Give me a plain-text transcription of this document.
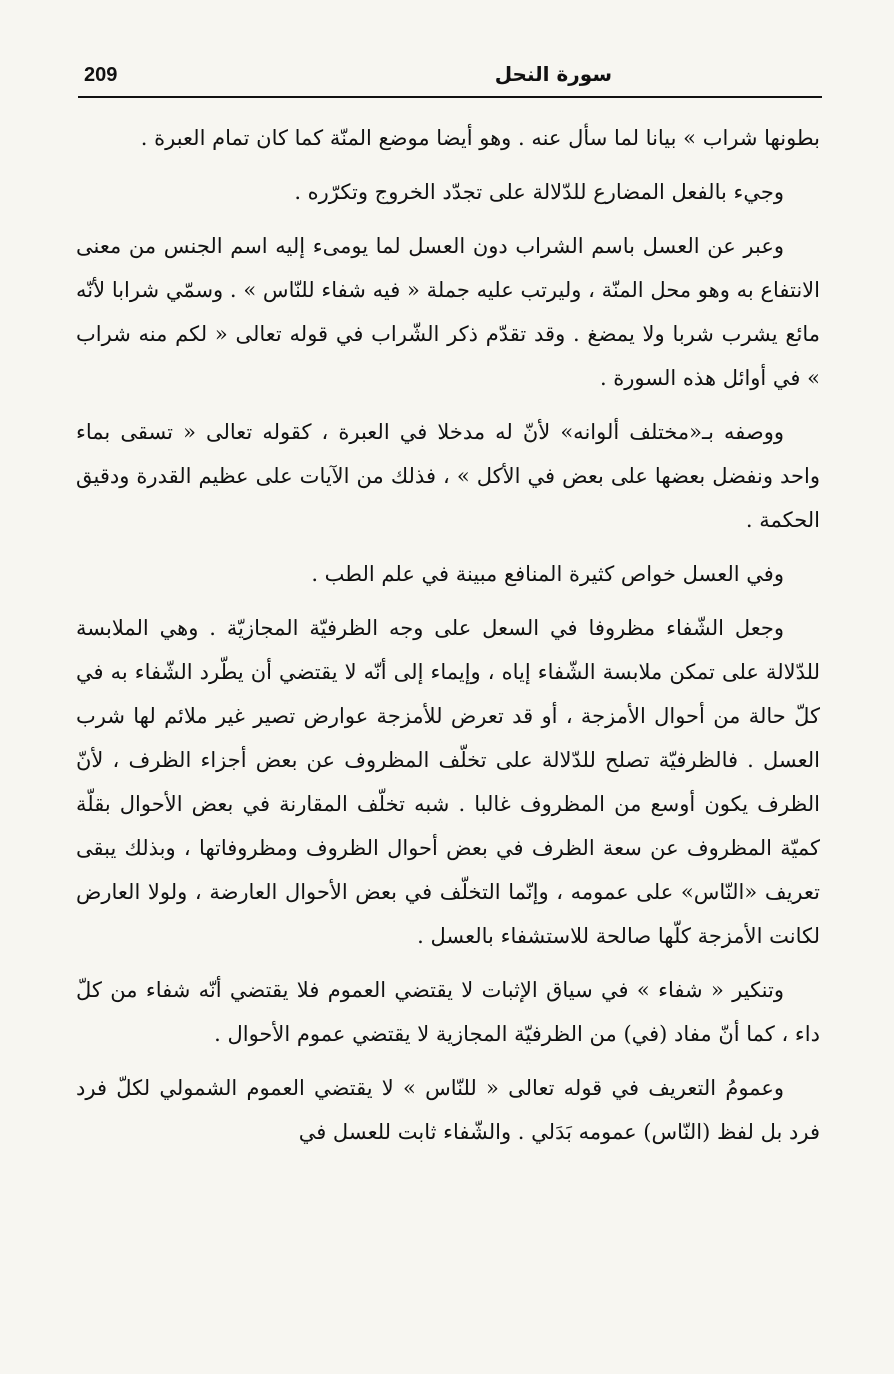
209	سورة النحل

بطونها شراب » بيانا لما سأل عنه . وهو أيضا موضع المنّة كما كان تمام العبرة .

وجيء بالفعل المضارع للدّلالة على تجدّد الخروج وتكرّره .

وعبر عن العسل باسم الشراب دون العسل لما يومىء إليه اسم الجنس من معنى الانتفاع به وهو محل المنّة ، وليرتب عليه جملة « فيه شفاء للنّاس » . وسمّي شرابا لأنّه مائع يشرب شربا ولا يمضغ . وقد تقدّم ذكر الشّراب في قوله تعالى « لكم منه شراب » في أوائل هذه السورة .

ووصفه بـ«مختلف ألوانه» لأنّ له مدخلا في العبرة ، كقوله تعالى « تسقى بماء واحد ونفضل بعضها على بعض في الأكل » ، فذلك من الآيات على عظيم القدرة ودقيق الحكمة .

وفي العسل خواص كثيرة المنافع مبينة في علم الطب .

وجعل الشّفاء مظروفا في السعل على وجه الظرفيّة المجازيّة . وهي الملابسة للدّلالة على تمكن ملابسة الشّفاء إياه ، وإيماء إلى أنّه لا يقتضي أن يطّرد الشّفاء به في كلّ حالة من أحوال الأمزجة ، أو قد تعرض للأمزجة عوارض تصير غير ملائم لها شرب العسل . فالظرفيّة تصلح للدّلالة على تخلّف المظروف عن بعض أجزاء الظرف ، لأنّ الظرف يكون أوسع من المظروف غالبا . شبه تخلّف المقارنة في بعض الأحوال بقلّة كميّة المظروف عن سعة الظرف في بعض أحوال الظروف ومظروفاتها ، وبذلك يبقى تعريف «النّاس» على عمومه ، وإنّما التخلّف في بعض الأحوال العارضة ، ولولا العارض لكانت الأمزجة كلّها صالحة للاستشفاء بالعسل .

وتنكير « شفاء » في سياق الإثبات لا يقتضي العموم فلا يقتضي أنّه شفاء من كلّ داء ، كما أنّ مفاد (في) من الظرفيّة المجازية لا يقتضي عموم الأحوال .

وعمومُ التعريف في قوله تعالى « للنّاس » لا يقتضي العموم الشمولي لكلّ فرد فرد بل لفظ (النّاس) عمومه بَدَلي . والشّفاء ثابت للعسل في
